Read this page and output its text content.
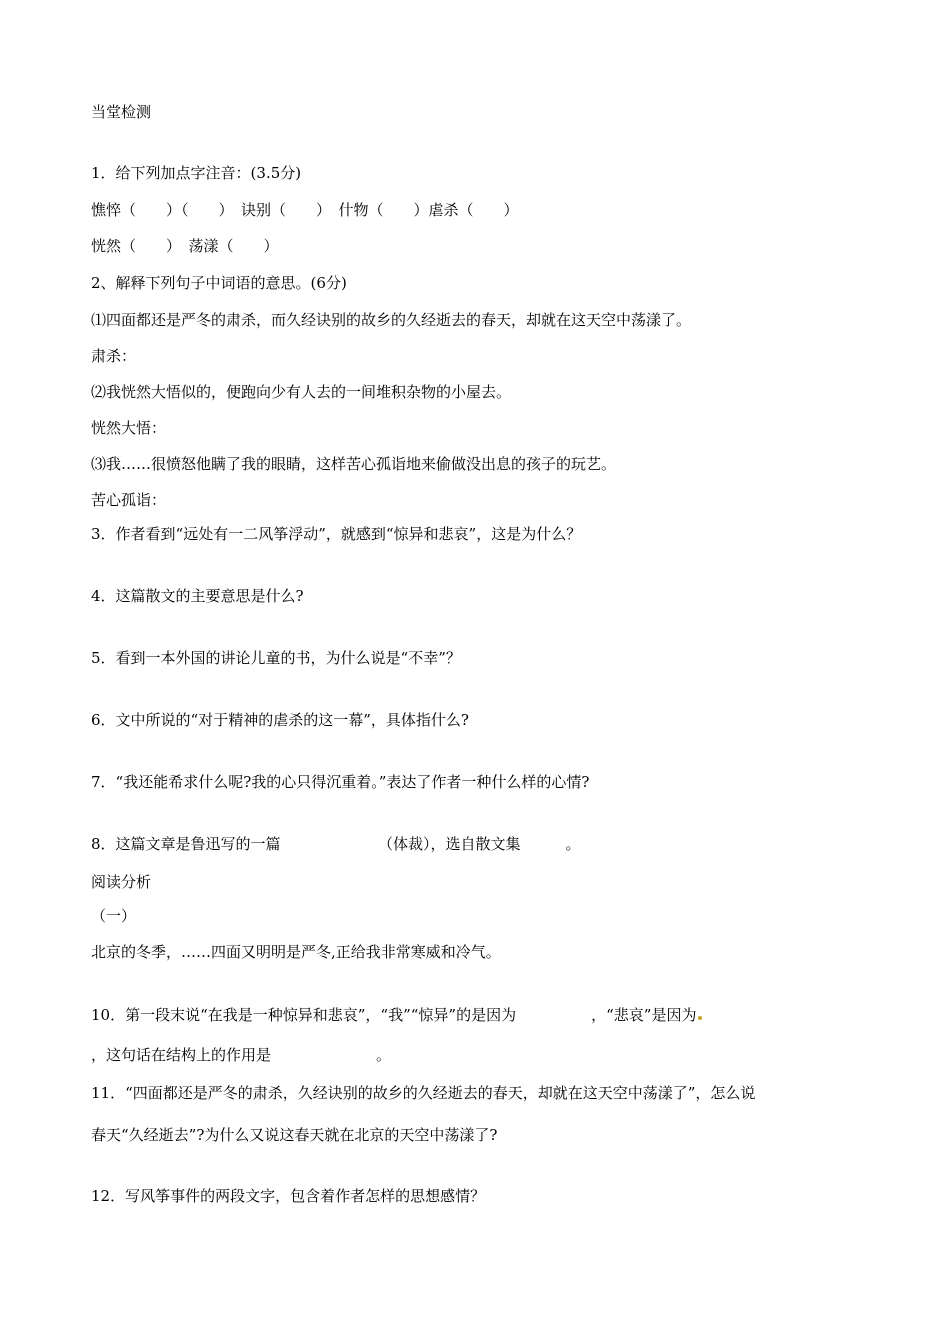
当堂检测
1．给下列加点字注音：(3.5分)
憔悴（　　）（　　）　诀别（　　）　什物（　　）虐杀（　　）
恍然（　　）　荡漾（　　）
2、解释下列句子中词语的意思。(6分)
⑴四面都还是严冬的肃杀，而久经诀别的故乡的久经逝去的春天，却就在这天空中荡漾了。
肃杀：
⑵我恍然大悟似的，便跑向少有人去的一间堆积杂物的小屋去。
恍然大悟：
⑶我……很愤怒他瞒了我的眼睛，这样苦心孤诣地来偷做没出息的孩子的玩艺。
苦心孤诣：
3．作者看到“远处有一二风筝浮动”，就感到“惊异和悲哀”，这是为什么？
4．这篇散文的主要意思是什么?
5．看到一本外国的讲论儿童的书，为什么说是“不幸”？
6．文中所说的“对于精神的虐杀的这一幕”，具体指什么?
7．“我还能希求什么呢?我的心只得沉重着。”表达了作者一种什么样的心情?
8．这篇文章是鲁迅写的一篇　　　　　　　（体裁），选自散文集　　　。
阅读分析
（一）
北京的冬季，……四面又明明是严冬,正给我非常寒威和冷气。
10．第一段末说“在我是一种惊异和悲哀”，“我”“惊异”的是因为　　　　　，“悲哀”是因为
，这句话在结构上的作用是　　　　　　　。
11．“四面都还是严冬的肃杀，久经诀别的故乡的久经逝去的春天，却就在这天空中荡漾了”，怎么说
春天“久经逝去”?为什么又说这春天就在北京的天空中荡漾了?
12．写风筝事件的两段文字，包含着作者怎样的思想感情？
